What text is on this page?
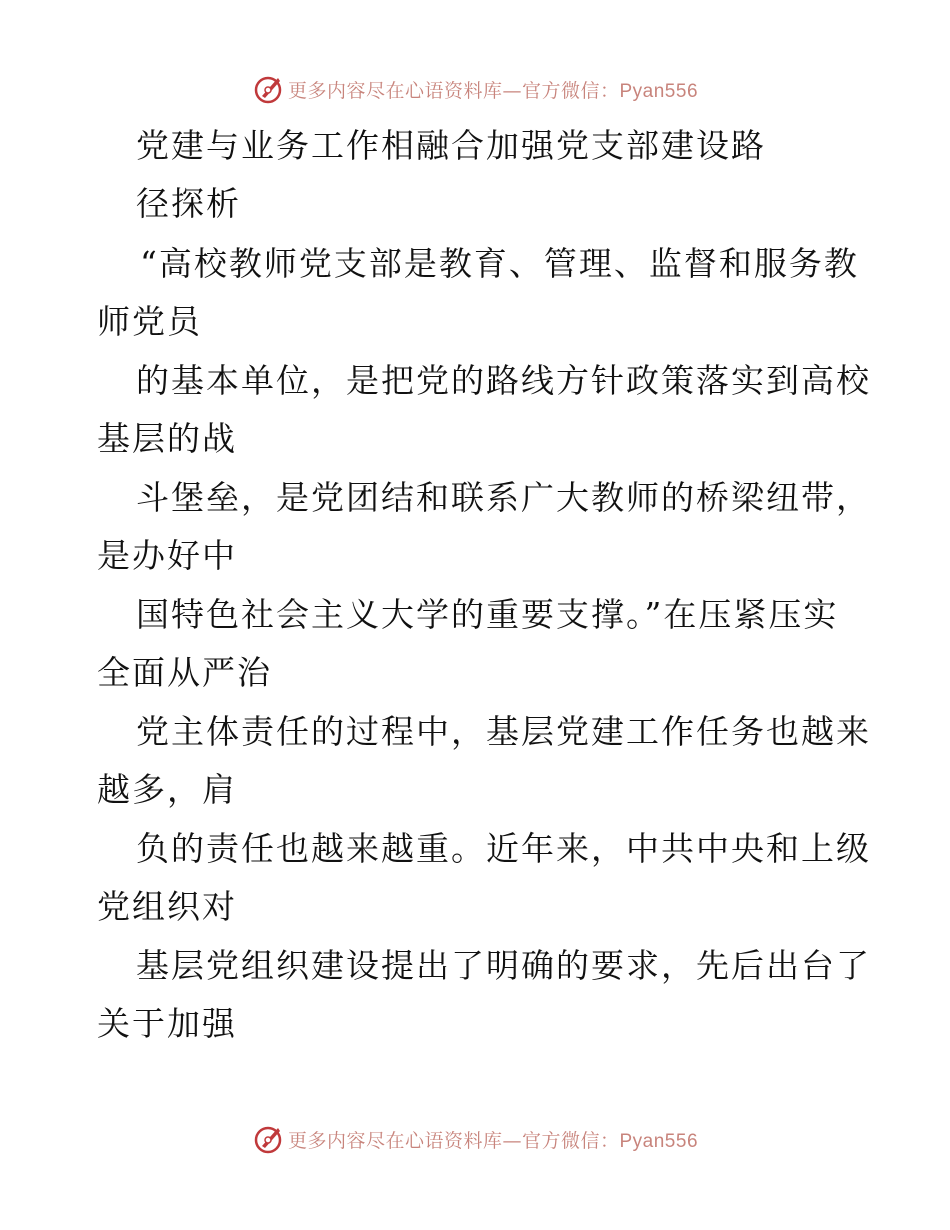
更多内容尽在心语资料库—官方微信：Pyan556
党建与业务工作相融合加强党支部建设路
径探析
“高校教师党支部是教育、管理、监督和服务教
师党员
的基本单位，是把党的路线方针政策落实到高校
基层的战
斗堡垒，是党团结和联系广大教师的桥梁纽带，
是办好中
国特色社会主义大学的重要支撑。”在压紧压实
全面从严治
党主体责任的过程中，基层党建工作任务也越来
越多，肩
负的责任也越来越重。近年来，中共中央和上级
党组织对
基层党组织建设提出了明确的要求，先后出台了
关于加强
更多内容尽在心语资料库—官方微信：Pyan556
